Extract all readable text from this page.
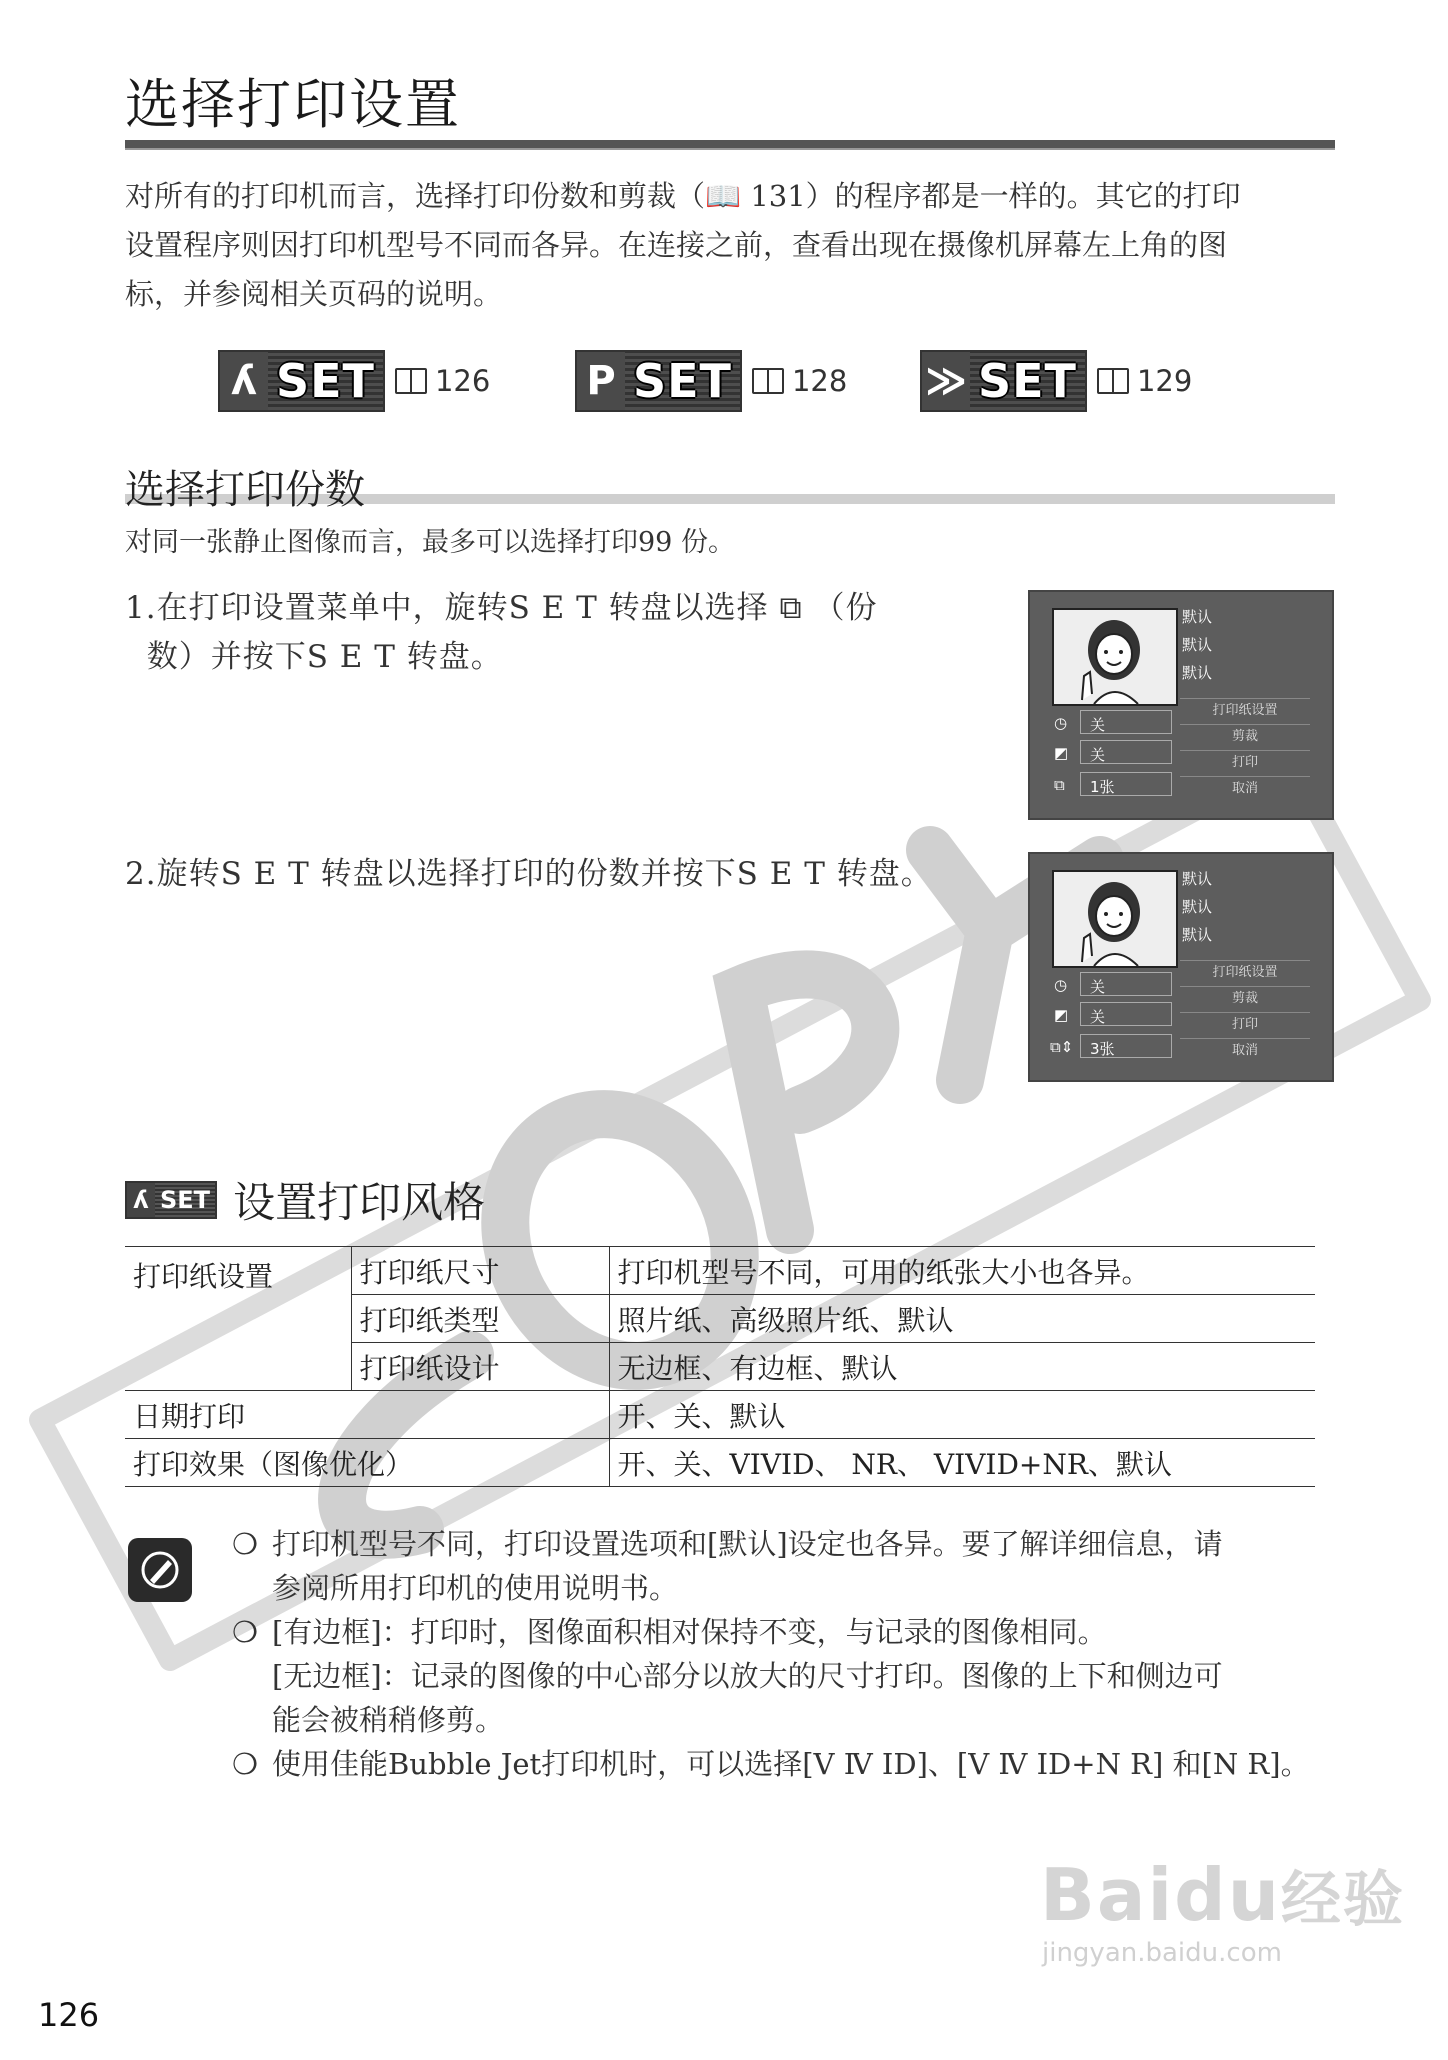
选择打印设置
对所有的打印机而言，选择打印份数和剪裁（📖 131）的程序都是一样的。其它的打印
设置程序则因打印机型号不同而各异。在连接之前，查看出现在摄像机屏幕左上角的图
标，并参阅相关页码的说明。
ʎ SET 126 P SET 128 ≫ SET 129
选择打印份数
对同一张静止图像而言，最多可以选择打印99 份。
1.在打印设置菜单中，旋转S E T 转盘以选择 ⧉ （份
数）并按下S E T 转盘。
2.旋转S E T 转盘以选择打印的份数并按下S E T 转盘。
默认
默认
默认
打印纸设置
剪裁
打印
取消
◷ 关
◩ 关
⧉ 1张
默认
默认
默认
打印纸设置
剪裁
打印
取消
◷ 关
◩ 关
⧉⇕ 3张
ʎ SET 设置打印风格
打印纸设置	打印纸尺寸	打印机型号不同，可用的纸张大小也各异。
	打印纸类型	照片纸、高级照片纸、默认
	打印纸设计	无边框、有边框、默认
日期打印		开、关、默认
打印效果（图像优化）		开、关、VIVID、 NR、 VIVID+NR、默认
❍ 打印机型号不同，打印设置选项和[默认]设定也各异。要了解详细信息，请
参阅所用打印机的使用说明书。
❍ [有边框]：打印时，图像面积相对保持不变，与记录的图像相同。
[无边框]：记录的图像的中心部分以放大的尺寸打印。图像的上下和侧边可
能会被稍稍修剪。
❍ 使用佳能Bubble Jet打印机时，可以选择[V Ⅳ ID]、[V Ⅳ ID+N R] 和[N R]。
Baidu经验
jingyan.baidu.com
126
